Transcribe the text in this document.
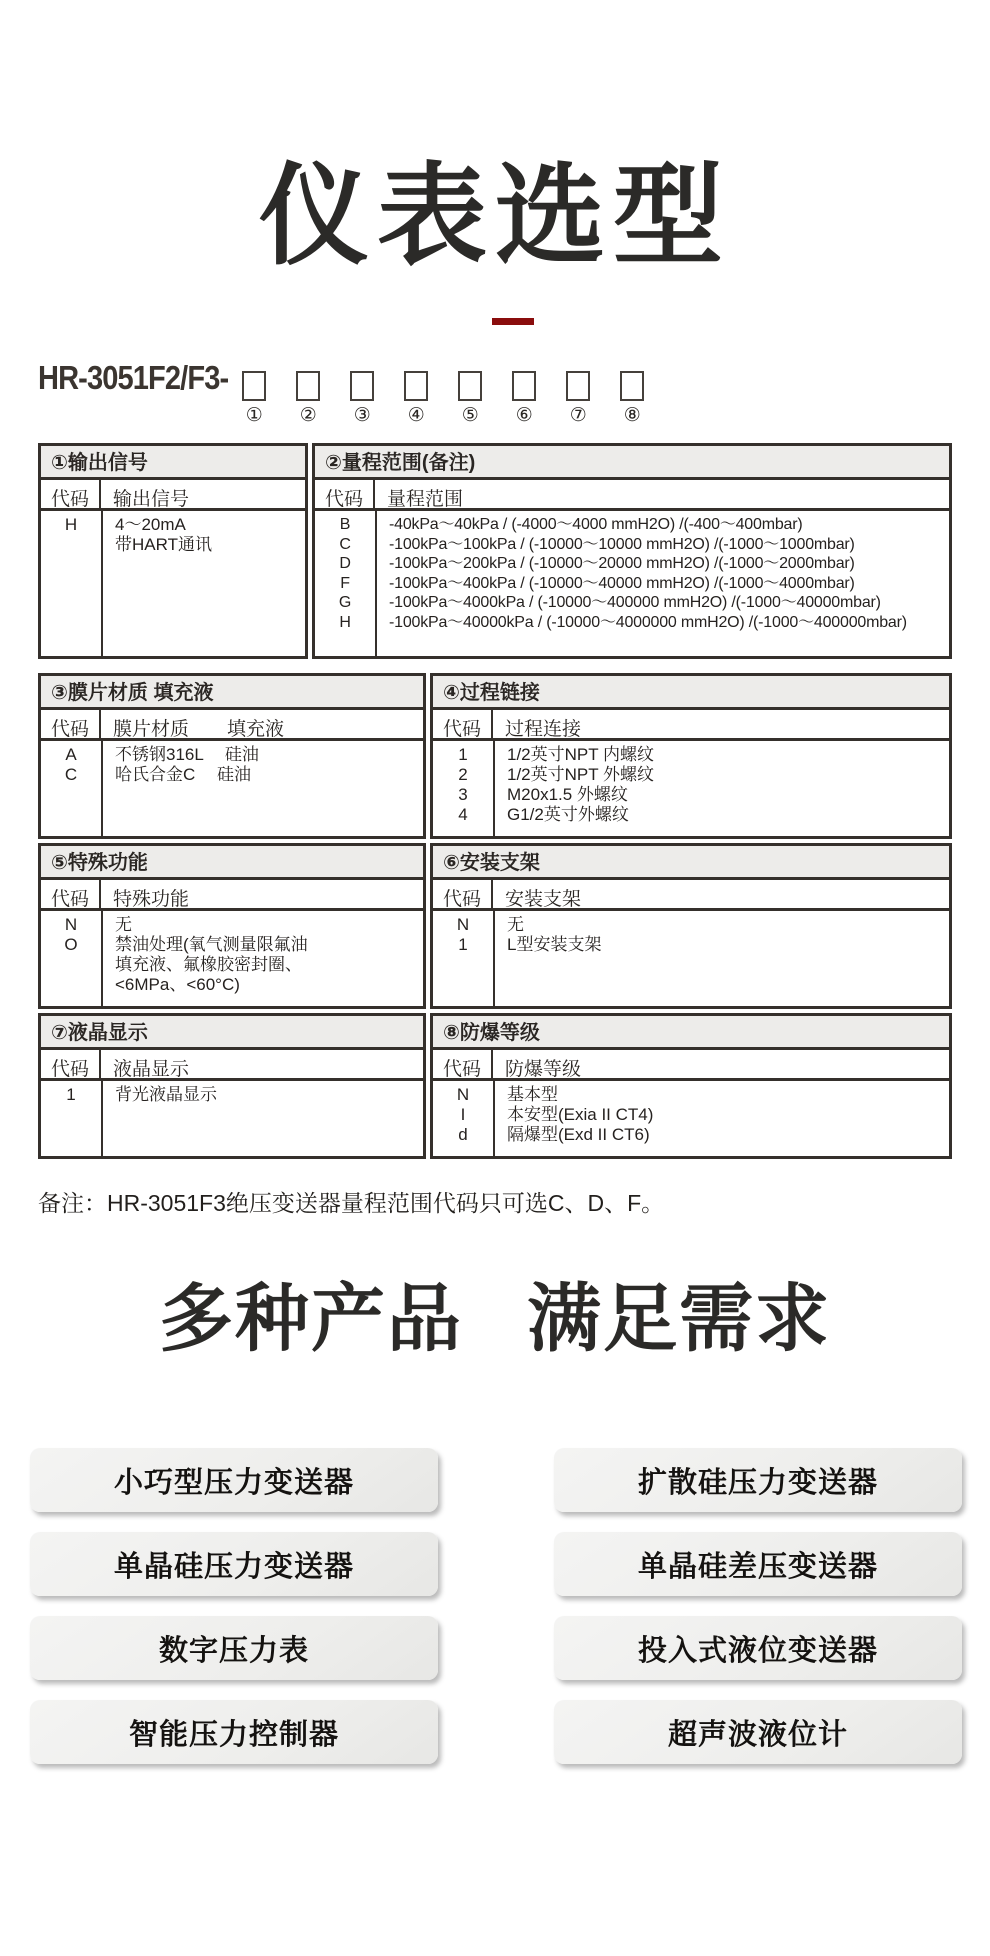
仪表选型
HR-3051F2/F3-
① ② ③ ④ ⑤ ⑥ ⑦ ⑧
①输出信号
代码	输出信号
H	4～20mA
带HART通讯
②量程范围(备注)
代码	量程范围
B	-40kPa～40kPa / (-4000～4000 mmH2O) /(-400～400mbar)
C	-100kPa～100kPa / (-10000～10000 mmH2O) /(-1000～1000mbar)
D	-100kPa～200kPa / (-10000～20000 mmH2O) /(-1000～2000mbar)
F	-100kPa～400kPa / (-10000～40000 mmH2O) /(-1000～4000mbar)
G	-100kPa～4000kPa / (-10000～400000 mmH2O) /(-1000～40000mbar)
H	-100kPa～40000kPa / (-10000～4000000 mmH2O) /(-1000～400000mbar)
③膜片材质 填充液
代码	膜片材质　　填充液
A	不锈钢316L　 硅油
C	哈氏合金C　 硅油
④过程链接
代码	过程连接
1	1/2英寸NPT 内螺纹
2	1/2英寸NPT 外螺纹
3	M20x1.5 外螺纹
4	G1/2英寸外螺纹
⑤特殊功能
代码	特殊功能
N	无
O	禁油处理(氧气测量限氟油
填充液、氟橡胶密封圈、
<6MPa、<60°C)
⑥安装支架
代码	安装支架
N	无
1	L型安装支架
⑦液晶显示
代码	液晶显示
1	背光液晶显示
⑧防爆等级
代码	防爆等级
N	基本型
I	本安型(Exia II CT4)
d	隔爆型(Exd II CT6)
备注：HR-3051F3绝压变送器量程范围代码只可选C、D、F。
多种产品 满足需求
小巧型压力变送器	扩散硅压力变送器
单晶硅压力变送器	单晶硅差压变送器
数字压力表	投入式液位变送器
智能压力控制器	超声波液位计
